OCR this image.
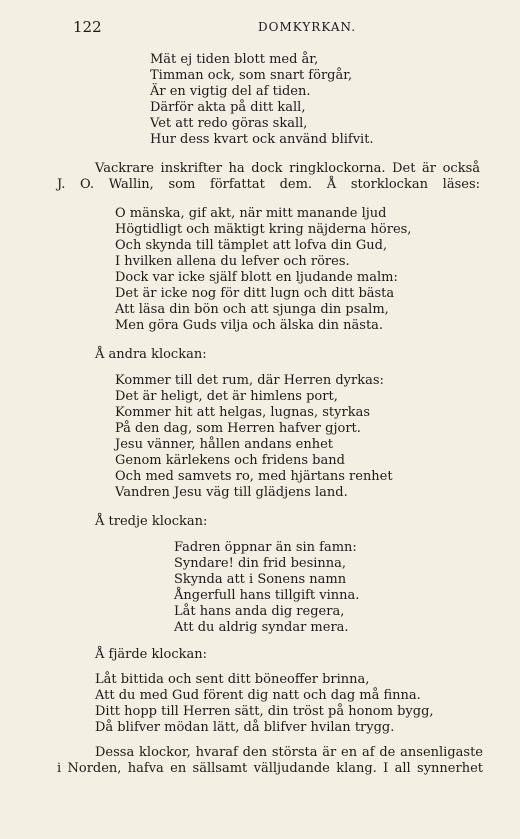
122	DOMKYRKAN.
Mät ej tiden blott med år,
Timman ock, som snart förgår,
Är en vigtig del af tiden.
Därför akta på ditt kall,
Vet att redo göras skall,
Hur dess kvart ock använd blifvit.
Vackrare inskrifter ha dock ringklockorna. Det är också
J. O. Wallin, som författat dem. Å storklockan läses:
O mänska, gif akt, när mitt manande ljud
Högtidligt och mäktigt kring näjderna höres,
Och skynda till tämplet att lofva din Gud,
I hvilken allena du lefver och röres.
Dock var icke själf blott en ljudande malm:
Det är icke nog för ditt lugn och ditt bästa
Att läsa din bön och att sjunga din psalm,
Men göra Guds vilja och älska din nästa.
Å andra klockan:
Kommer till det rum, där Herren dyrkas:
Det är heligt, det är himlens port,
Kommer hit att helgas, lugnas, styrkas
På den dag, som Herren hafver gjort.
Jesu vänner, hållen andans enhet
Genom kärlekens och fridens band
Och med samvets ro, med hjärtans renhet
Vandren Jesu väg till glädjens land.
Å tredje klockan:
Fadren öppnar än sin famn:
Syndare! din frid besinna,
Skynda att i Sonens namn
Ångerfull hans tillgift vinna.
Låt hans anda dig regera,
Att du aldrig syndar mera.
Å fjärde klockan:
Låt bittida och sent ditt böneoffer brinna,
Att du med Gud förent dig natt och dag må finna.
Ditt hopp till Herren sätt, din tröst på honom bygg,
Då blifver mödan lätt, då blifver hvilan trygg.
Dessa klockor, hvaraf den största är en af de ansenligaste
i Norden, hafva en sällsamt välljudande klang. I all synnerhet
